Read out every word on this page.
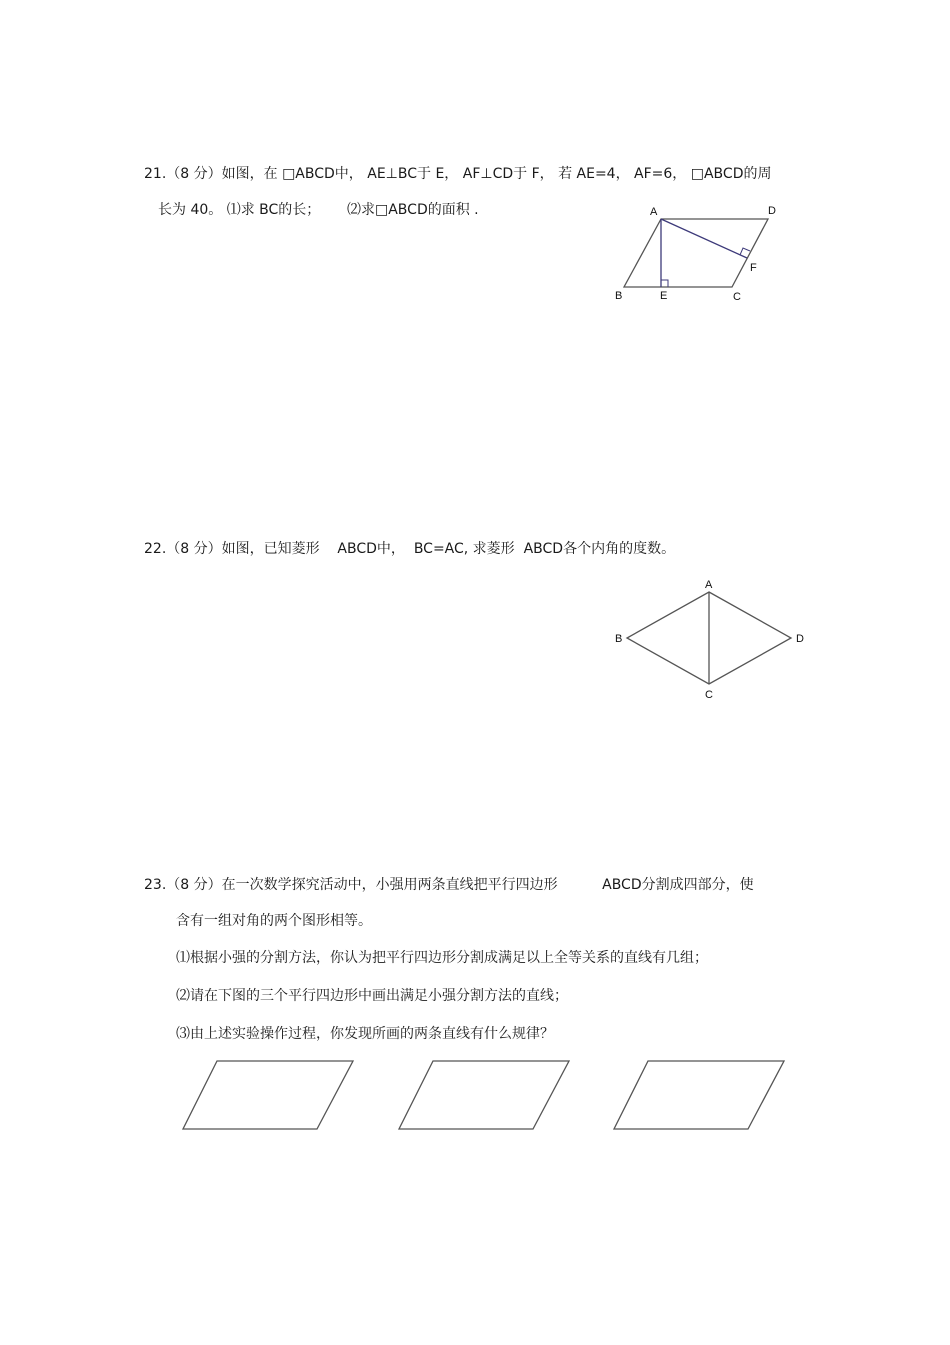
21.（8 分）如图，在 □ABCD中， AE⊥BC于 E， AF⊥CD于 F， 若 AE=4， AF=6， □ABCD的周
长为 40。 ⑴求 BC的长；      ⑵求□ABCD的面积 .	A	D
F
B	E	C
22.（8 分）如图，已知菱形    ABCD中，  BC=AC, 求菱形  ABCD各个内角的度数。
A
B	D
C
23.（8 分）在一次数学探究活动中，小强用两条直线把平行四边形          ABCD分割成四部分，使
含有一组对角的两个图形相等。
⑴根据小强的分割方法，你认为把平行四边形分割成满足以上全等关系的直线有几组；
⑵请在下图的三个平行四边形中画出满足小强分割方法的直线；
⑶由上述实验操作过程，你发现所画的两条直线有什么规律？
